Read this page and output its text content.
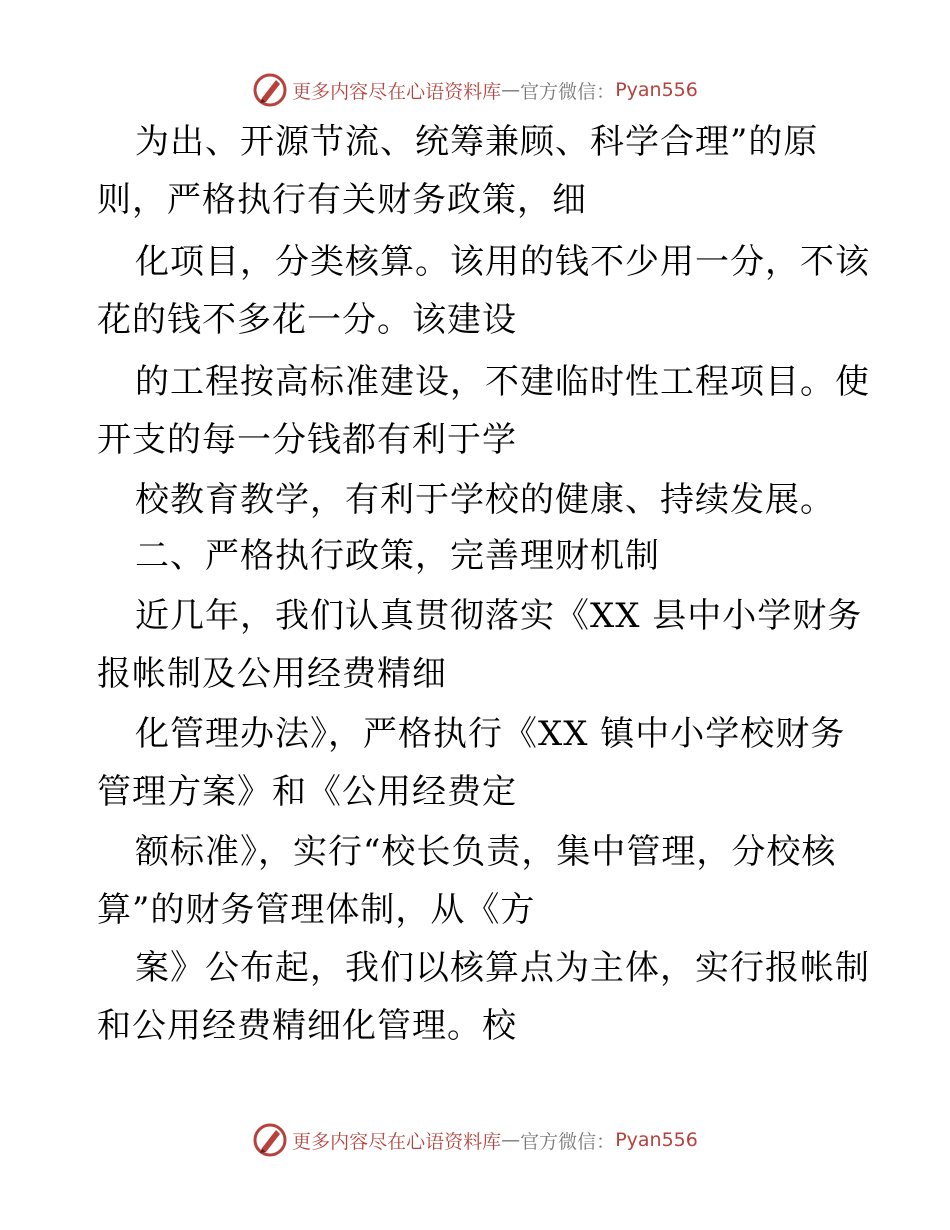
更多内容尽在心语资料库 — 官方微信： Pyan556
为出、开源节流、统筹兼顾、科学合理”的原
则，严格执行有关财务政策，细
化项目，分类核算。该用的钱不少用一分，不该
花的钱不多花一分。该建设
的工程按高标准建设，不建临时性工程项目。使
开支的每一分钱都有利于学
校教育教学，有利于学校的健康、持续发展。
二、严格执行政策，完善理财机制
近几年，我们认真贯彻落实《XX 县中小学财务
报帐制及公用经费精细
化管理办法》，严格执行《XX 镇中小学校财务
管理方案》和《公用经费定
额标准》，实行“校长负责，集中管理，分校核
算”的财务管理体制，从《方
案》公布起，我们以核算点为主体，实行报帐制
和公用经费精细化管理。校
更多内容尽在心语资料库 — 官方微信： Pyan556
